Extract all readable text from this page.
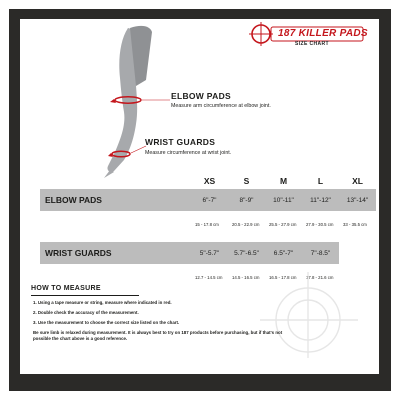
187 KILLER PADS
SIZE CHART
ELBOW PADS
Measure arm circumference at elbow joint.
WRIST GUARDS
Measure circumference at wrist joint.
	XS	S	M	L	XL
ELBOW PADS	6"-7"	8"-9"	10"-11"	11"-12"	13"-14"
	15 - 17.8 cm	20.5 - 22.9 cm	25.5 - 27.9 cm	27.9 - 30.5 cm	33 - 35.5 cm

WRIST GUARDS	5"-5.7"	5.7"-6.5"	6.5"-7"	7"-8.5"	
	12.7 - 14.5 cm	14.5 - 16.5 cm	16.5 - 17.8 cm	17.8 - 21.6 cm	
HOW TO MEASURE
1. Using a tape measure or string, measure where indicated in red.
2. Double check the accuracy of the measurement.
3. Use the measurement to choose the correct size listed on the chart.
Be sure limb is relaxed during measurement. It is always best to try on 187 products before purchasing, but if that's not possible the chart above is a good reference.
